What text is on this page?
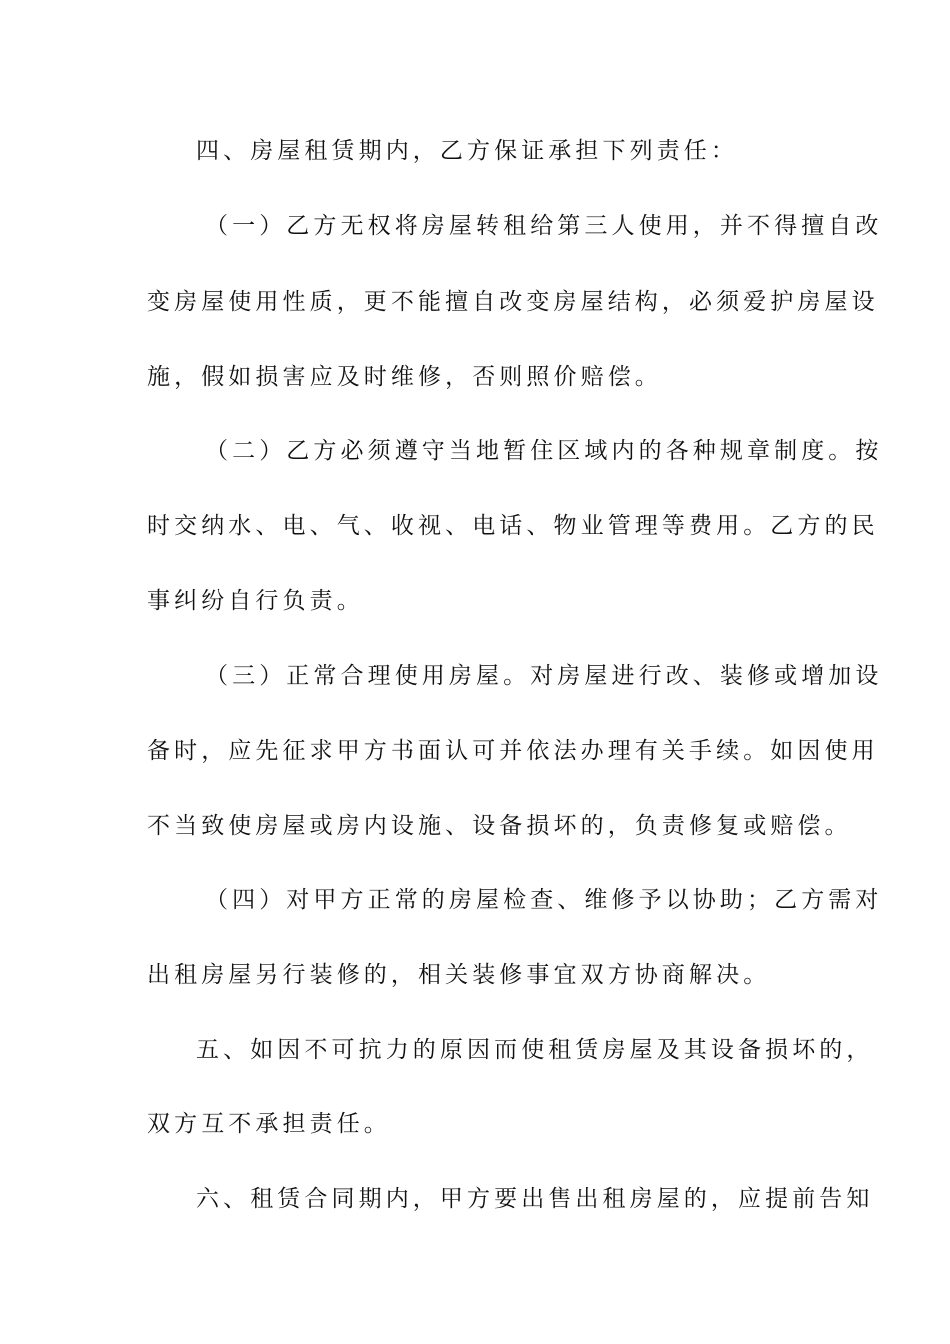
四、房屋租赁期内，乙方保证承担下列责任：
（一）乙方无权将房屋转租给第三人使用，并不得擅自改
变房屋使用性质，更不能擅自改变房屋结构，必须爱护房屋设
施，假如损害应及时维修，否则照价赔偿。
（二）乙方必须遵守当地暂住区域内的各种规章制度。按
时交纳水、电、气、收视、电话、物业管理等费用。乙方的民
事纠纷自行负责。
（三）正常合理使用房屋。对房屋进行改、装修或增加设
备时，应先征求甲方书面认可并依法办理有关手续。如因使用
不当致使房屋或房内设施、设备损坏的，负责修复或赔偿。
（四）对甲方正常的房屋检查、维修予以协助；乙方需对
出租房屋另行装修的，相关装修事宜双方协商解决。
五、如因不可抗力的原因而使租赁房屋及其设备损坏的，
双方互不承担责任。
六、租赁合同期内，甲方要出售出租房屋的，应提前告知
